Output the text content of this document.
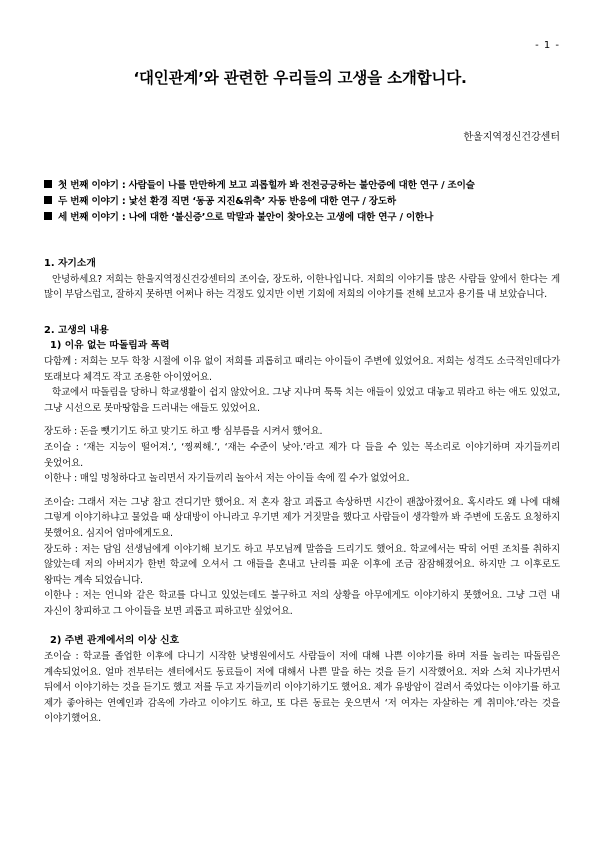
- 1 -
‘대인관계’와 관련한 우리들의 고생을 소개합니다.
한울지역정신건강센터
첫 번째 이야기 : 사람들이 나를 만만하게 보고 괴롭힐까 봐 전전긍긍하는 불안증에 대한 연구 / 조이슬
두 번째 이야기 : 낯선 환경 직면 ‘동공 지진&위축’ 자동 반응에 대한 연구 / 장도하
세 번째 이야기 : 나에 대한 ‘불신증’으로 막말과 불안이 찾아오는 고생에 대한 연구 / 이한나

1. 자기소개

안녕하세요? 저희는 한울지역정신건강센터의 조이슬, 장도하, 이한나입니다. 저희의 이야기를 많은 사람들 앞에서 한다는 게 많이 부담스럽고, 잘하지 못하면 어쩌나 하는 걱정도 있지만 이번 기회에 저희의 이야기를 전해 보고자 용기를 내 보았습니다.

2. 고생의 내용

1) 이유 없는 따돌림과 폭력

다함께 : 저희는 모두 학창 시절에 이유 없이 저희를 괴롭히고 때리는 아이들이 주변에 있었어요. 저희는 성격도 소극적인데다가 또래보다 체격도 작고 조용한 아이였어요.

학교에서 따돌림을 당하니 학교생활이 쉽지 않았어요. 그냥 지나며 툭툭 치는 애들이 있었고 대놓고 뭐라고 하는 애도 있었고, 그냥 시선으로 못마땅함을 드러내는 애들도 있었어요.

장도하 : 돈을 뺏기기도 하고 맞기도 하고 빵 심부름을 시켜서 했어요.

조이슬 : ‘재는 지능이 떨어져.’, ‘찡찌해.’, ‘재는 수준이 낮아.’라고 제가 다 들을 수 있는 목소리로 이야기하며 자기들끼리 웃었어요.

이한나 : 매일 멍청하다고 놀리면서 자기들끼리 놀아서 저는 아이들 속에 낄 수가 없었어요.

조이슬: 그래서 저는 그냥 참고 견디기만 했어요. 저 혼자 참고 괴롭고 속상하면 시간이 괜찮아졌어요. 혹시라도 왜 나에 대해 그렇게 이야기하냐고 물었을 때 상대방이 아니라고 우기면 제가 거짓말을 했다고 사람들이 생각할까 봐 주변에 도움도 요청하지 못했어요. 심지어 엄마에게도요.

장도하 : 저는 담임 선생님에게 이야기해 보기도 하고 부모님께 말씀을 드리기도 했어요. 학교에서는 딱히 어떤 조치를 취하지 않았는데 저의 아버지가 한번 학교에 오셔서 그 애들을 혼내고 난리를 피운 이후에 조금 잠잠해졌어요. 하지만 그 이후로도 왕따는 계속 되었습니다.

이한나 : 저는 언니와 같은 학교를 다니고 있었는데도 불구하고 저의 상황을 아무에게도 이야기하지 못했어요. 그냥 그런 내 자신이 창피하고 그 아이들을 보면 괴롭고 피하고만 싶었어요.

2) 주변 관계에서의 이상 신호

조이슬 : 학교를 졸업한 이후에 다니기 시작한 낮병원에서도 사람들이 저에 대해 나쁜 이야기를 하며 저를 놀리는 따돌림은 계속되었어요. 얼마 전부터는 센터에서도 동료들이 저에 대해서 나쁜 말을 하는 것을 듣기 시작했어요. 저와 스쳐 지나가면서 뒤에서 이야기하는 것을 듣기도 했고 저를 두고 자기들끼리 이야기하기도 했어요. 제가 유방암이 걸려서 죽었다는 이야기를 하고 제가 좋아하는 연예인과 감옥에 가라고 이야기도 하고, 또 다른 동료는 웃으면서 ‘저 여자는 자살하는 게 취미야.’라는 것을 이야기했어요.
